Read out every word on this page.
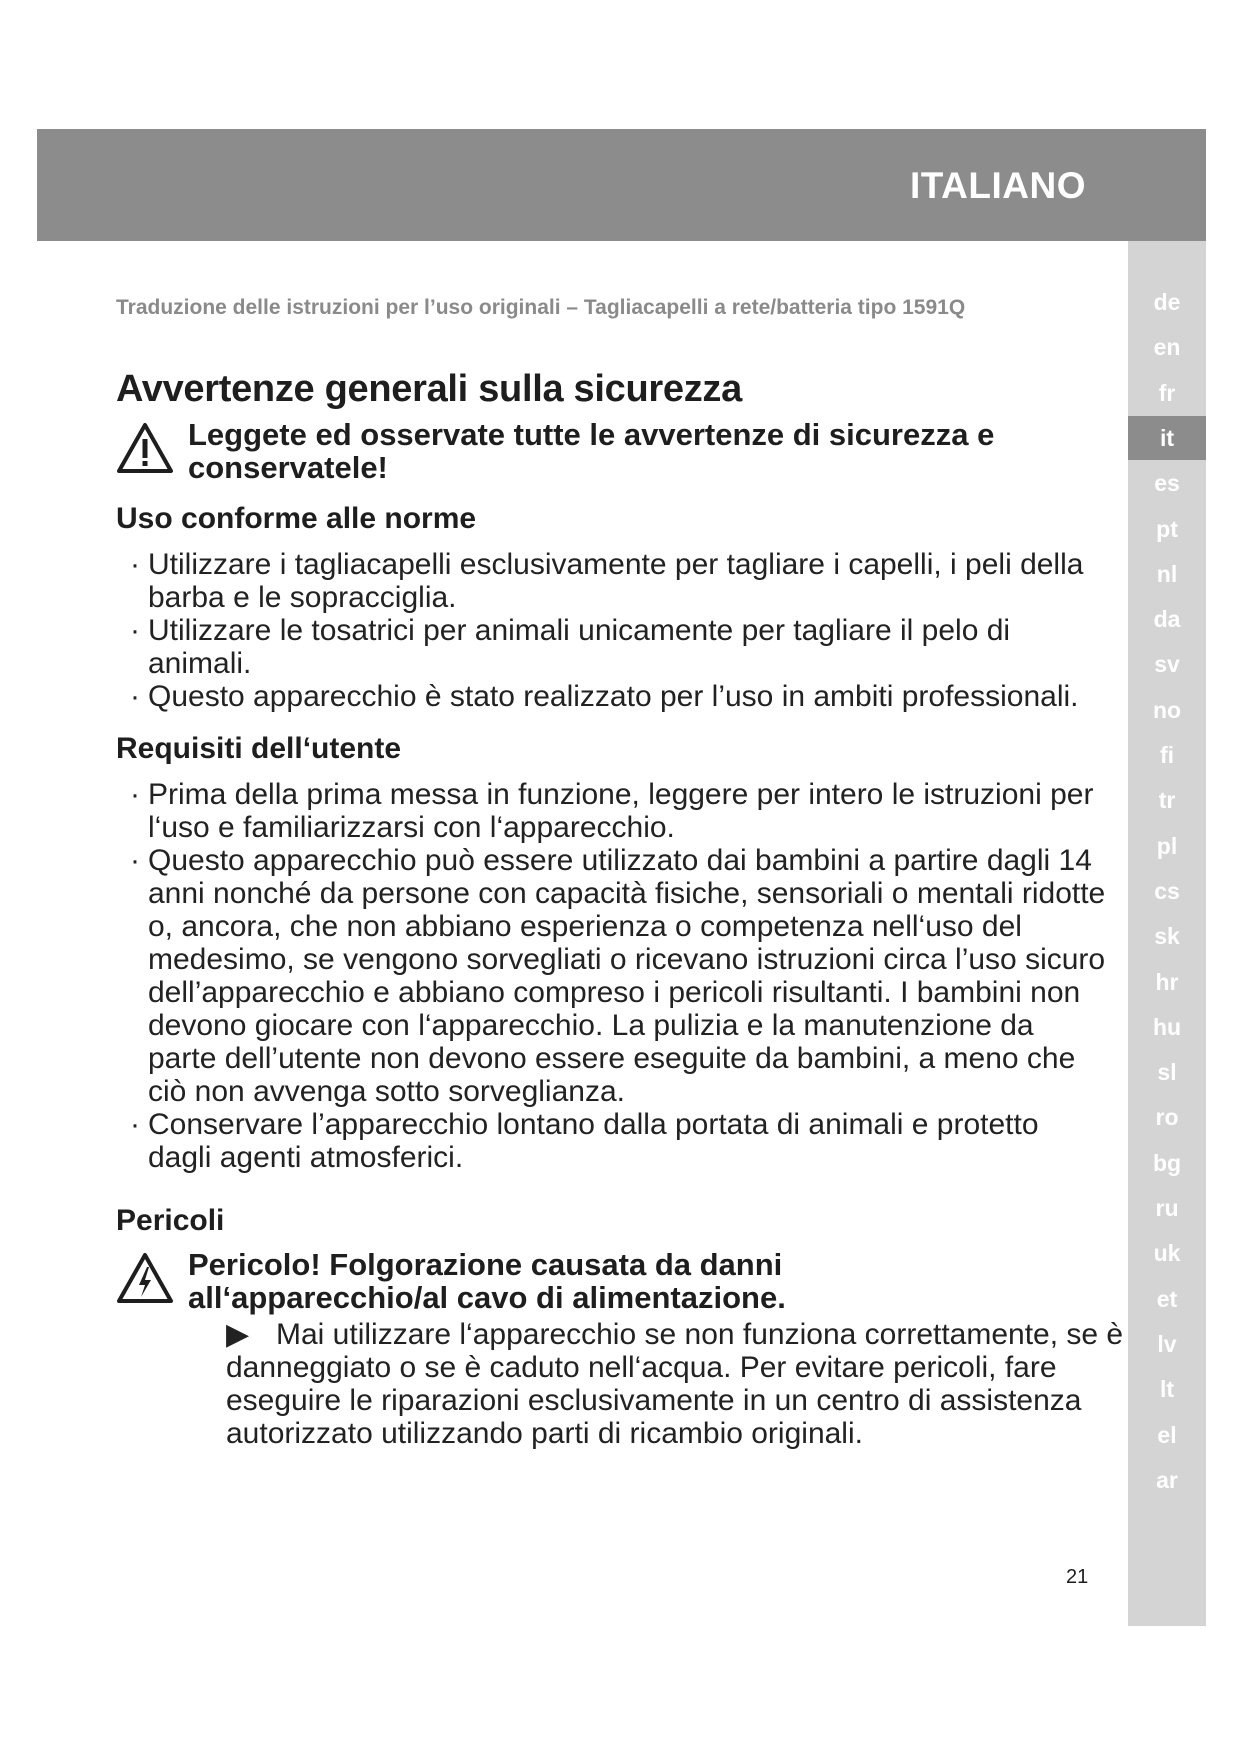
ITALIANO
de
en
fr
it
es
pt
nl
da
sv
no
fi
tr
pl
cs
sk
hr
hu
sl
ro
bg
ru
uk
et
lv
lt
el
ar
Traduzione delle istruzioni per l’uso originali – Tagliacapelli a rete/batteria tipo 1591Q
Avvertenze generali sulla sicurezza
Leggete ed osservate tutte le avvertenze di sicurezza e conservatele!
Uso conforme alle norme
· Utilizzare i tagliacapelli esclusivamente per tagliare i capelli, i peli della barba e le sopracciglia.
· Utilizzare le tosatrici per animali unicamente per tagliare il pelo di animali.
· Questo apparecchio è stato realizzato per l’uso in ambiti professionali.
Requisiti dell‘utente
· Prima della prima messa in funzione, leggere per intero le istruzioni per l‘uso e familiarizzarsi con l‘apparecchio.
· Questo apparecchio può essere utilizzato dai bambini a partire dagli 14 anni nonché da persone con capacità fisiche, sensoriali o mentali ridotte o, ancora, che non abbiano esperienza o competenza nell‘uso del medesimo, se vengono sorvegliati o ricevano istruzioni circa l’uso sicuro dell’apparecchio e abbiano compreso i pericoli risultanti. I bambini non devono giocare con l‘apparecchio. La pulizia e la manutenzione da parte dell’utente non devono essere eseguite da bambini, a meno che ciò non avvenga sotto sorveglianza.
· Conservare l’apparecchio lontano dalla portata di animali e protetto dagli agenti atmosferici.
Pericoli
Pericolo! Folgorazione causata da danni all‘apparecchio/al cavo di alimentazione.
▶ Mai utilizzare l‘apparecchio se non funziona correttamente, se è danneggiato o se è caduto nell‘acqua. Per evitare pericoli, fare eseguire le riparazioni esclusivamente in un centro di assistenza autorizzato utilizzando parti di ricambio originali.
21
